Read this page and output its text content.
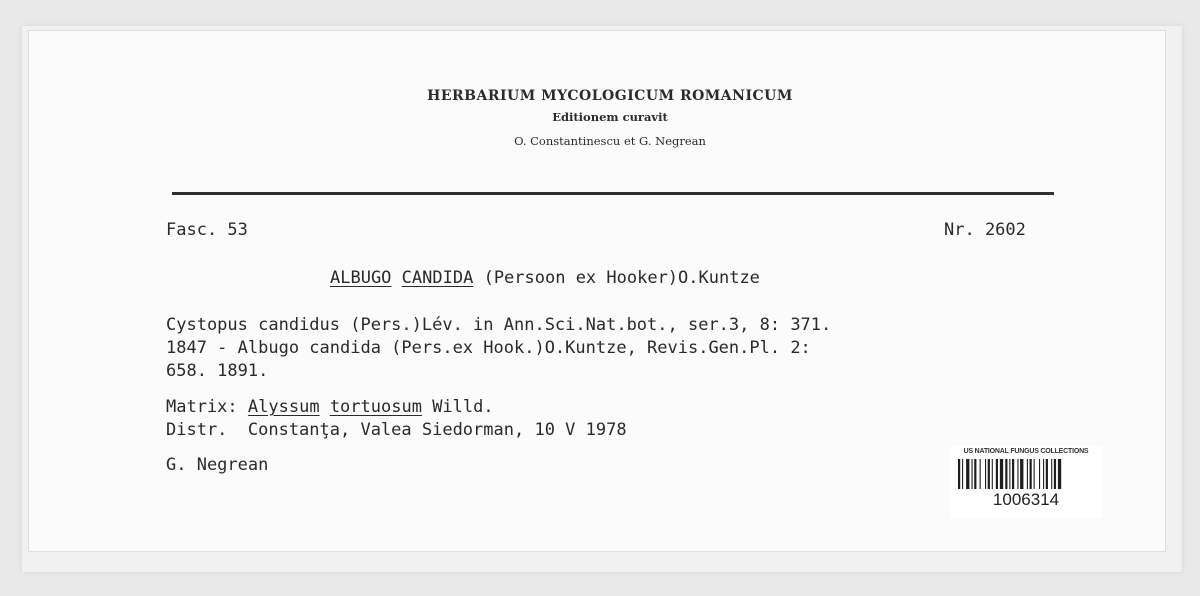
HERBARIUM MYCOLOGICUM ROMANICUM
Editionem curavit
O. Constantinescu et G. Negrean
Fasc. 53	Nr. 2602
ALBUGO CANDIDA (Persoon ex Hooker)O.Kuntze
Cystopus candidus (Pers.)Lév. in Ann.Sci.Nat.bot., ser.3, 8: 371.
1847 - Albugo candida (Pers.ex Hook.)O.Kuntze, Revis.Gen.Pl. 2:
658. 1891.
Matrix: Alyssum tortuosum Willd.
Distr.  Constanţa, Valea Siedorman, 10 V 1978
G. Negrean
US NATIONAL FUNGUS COLLECTIONS
1006314
